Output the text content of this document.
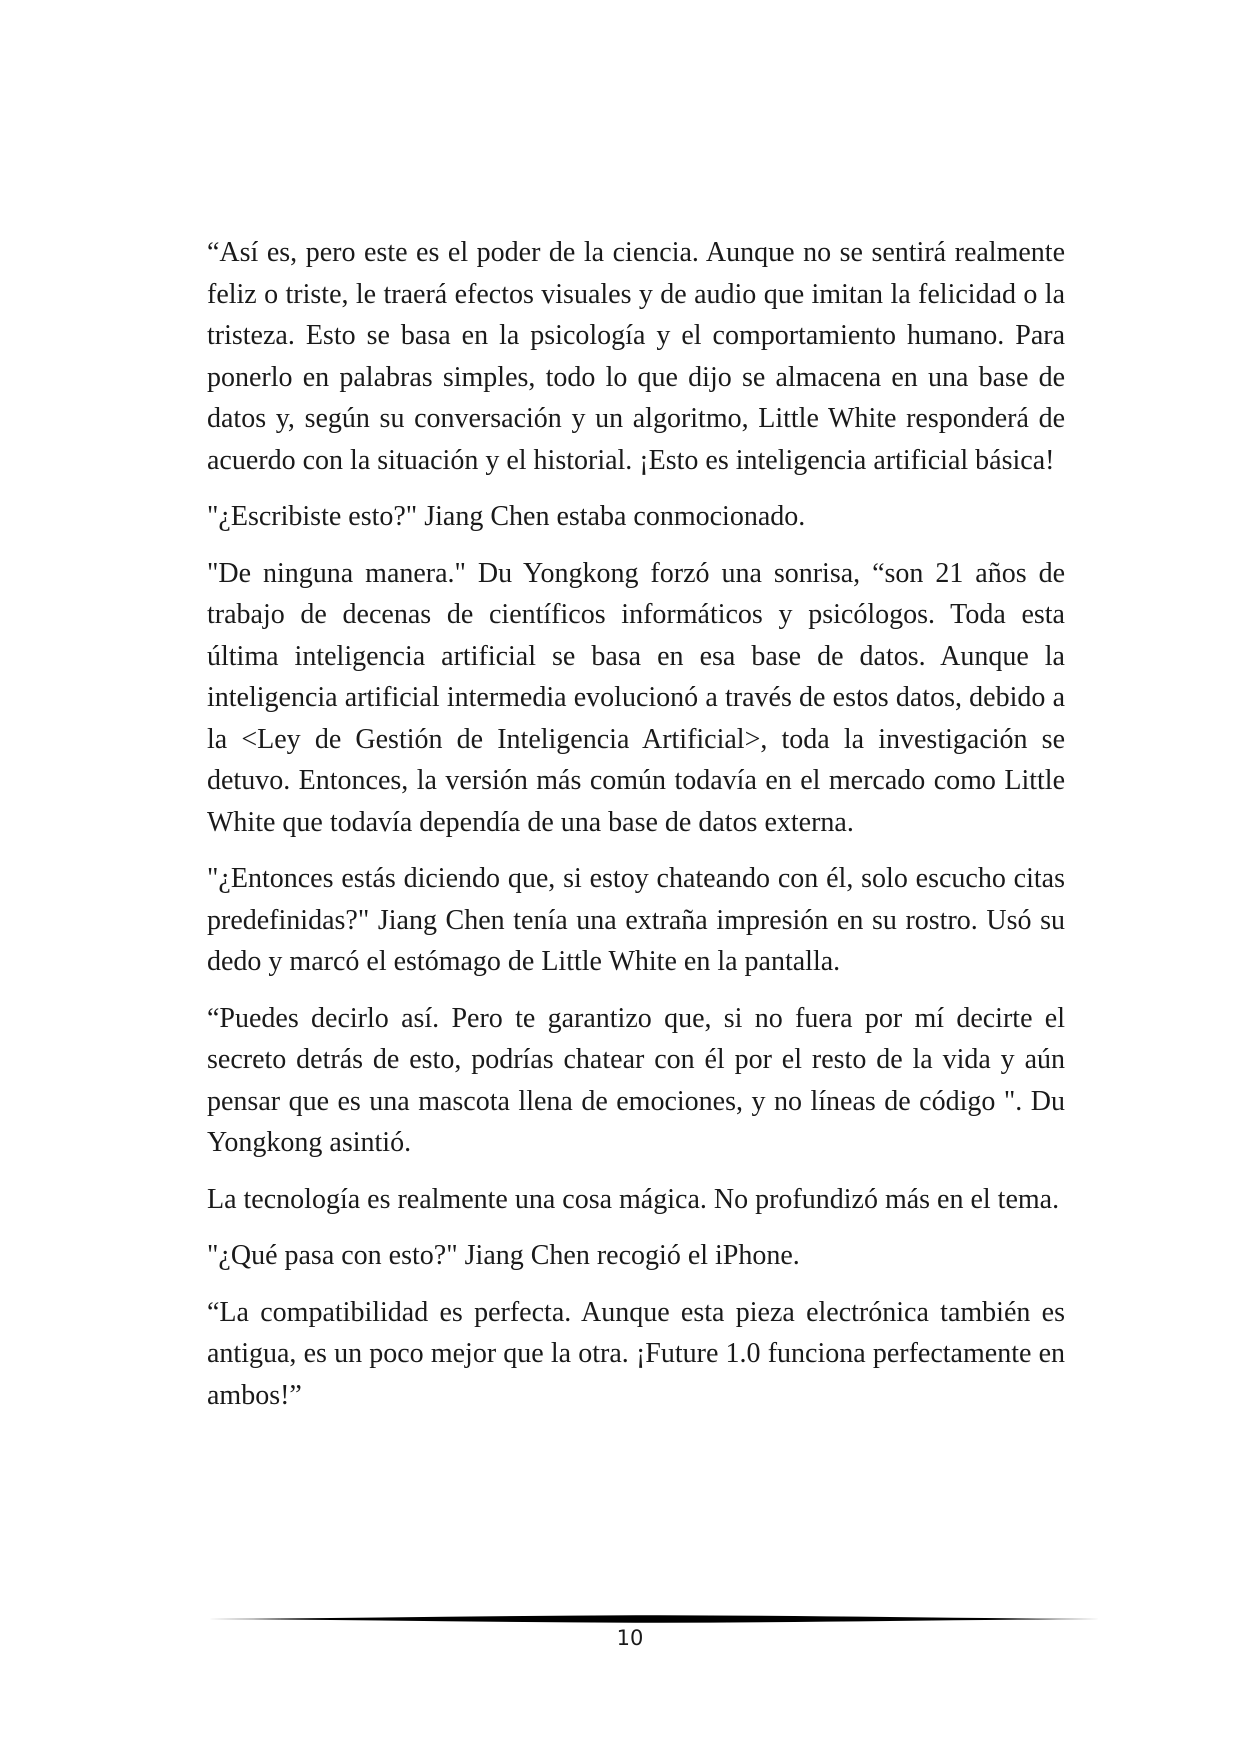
“Así es, pero este es el poder de la ciencia. Aunque no se sentirá realmente feliz o triste, le traerá efectos visuales y de audio que imitan la felicidad o la tristeza. Esto se basa en la psicología y el comportamiento humano. Para ponerlo en palabras simples, todo lo que dijo se almacena en una base de datos y, según su conversación y un algoritmo, Little White responderá de acuerdo con la situación y el historial. ¡Esto es inteligencia artificial básica!

"¿Escribiste esto?" Jiang Chen estaba conmocionado.

"De ninguna manera." Du Yongkong forzó una sonrisa, “son 21 años de trabajo de decenas de científicos informáticos y psicólogos. Toda esta última inteligencia artificial se basa en esa base de datos. Aunque la inteligencia artificial intermedia evolucionó a través de estos datos, debido a la <Ley de Gestión de Inteligencia Artificial>, toda la investigación se detuvo. Entonces, la versión más común todavía en el mercado como Little White que todavía dependía de una base de datos externa.

"¿Entonces estás diciendo que, si estoy chateando con él, solo escucho citas predefinidas?" Jiang Chen tenía una extraña impresión en su rostro. Usó su dedo y marcó el estómago de Little White en la pantalla.

“Puedes decirlo así. Pero te garantizo que, si no fuera por mí decirte el secreto detrás de esto, podrías chatear con él por el resto de la vida y aún pensar que es una mascota llena de emociones, y no líneas de código ". Du Yongkong asintió.

La tecnología es realmente una cosa mágica. No profundizó más en el tema.

"¿Qué pasa con esto?" Jiang Chen recogió el iPhone.

“La compatibilidad es perfecta. Aunque esta pieza electrónica también es antigua, es un poco mejor que la otra. ¡Future 1.0 funciona perfectamente en ambos!”

10
